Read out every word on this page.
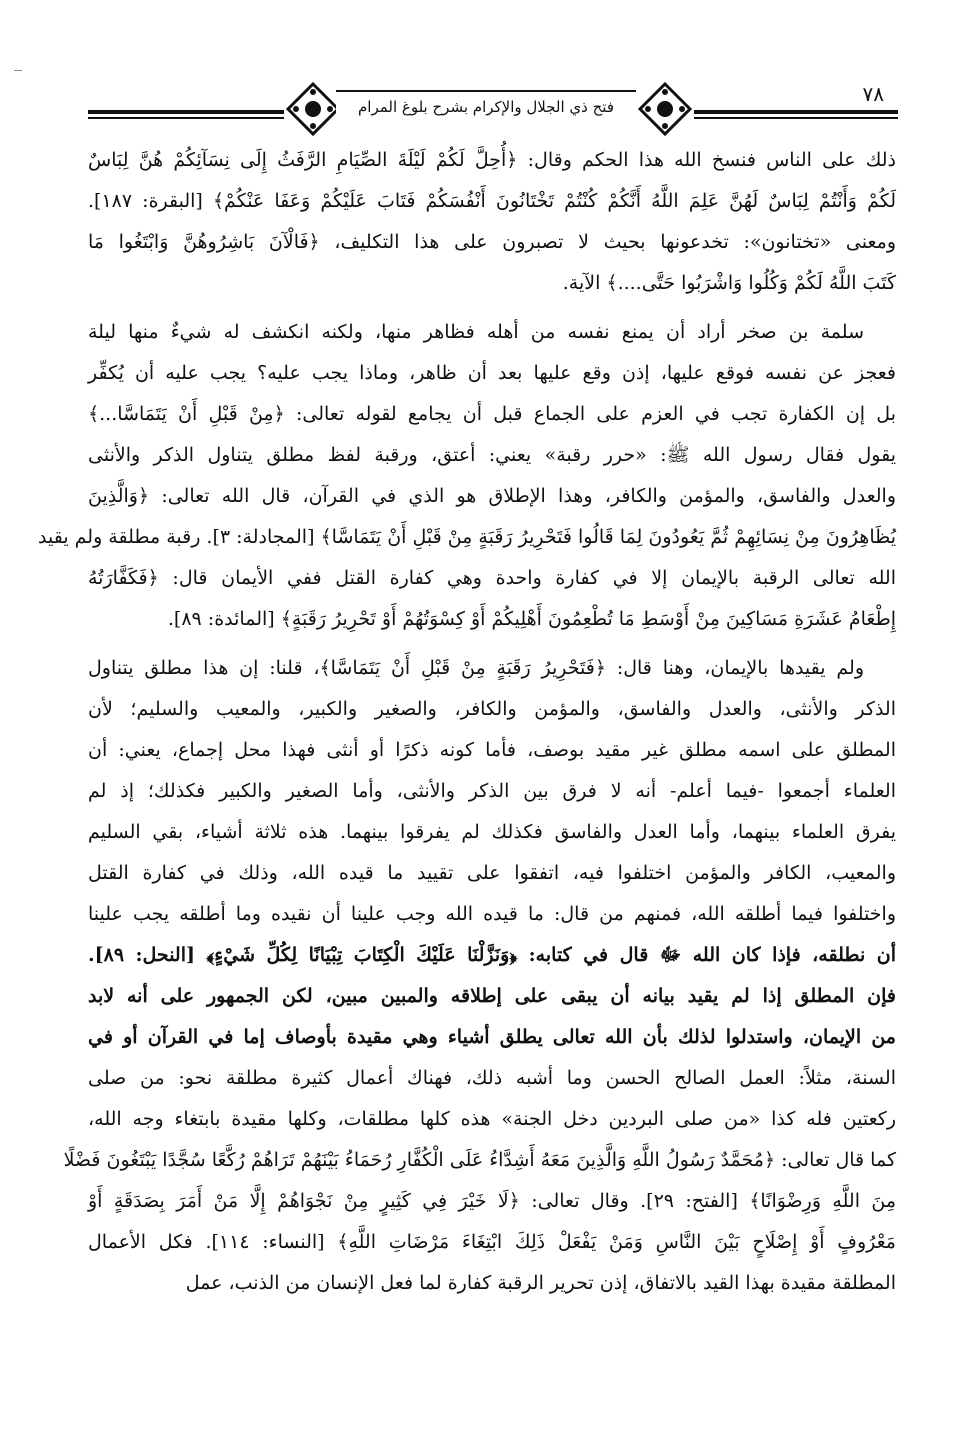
٧٨
فتح ذي الجلال والإكرام بشرح بلوغ المرام
ذلك على الناس فنسخ الله هذا الحكم وقال: ﴿أُحِلَّ لَكُمْ لَيْلَةَ الصِّيَامِ الرَّفَثُ إِلَى نِسَآئِكُمْ هُنَّ لِبَاسٌ
لَكُمْ وَأَنْتُمْ لِبَاسٌ لَهُنَّ عَلِمَ اللَّهُ أَنَّكُمْ كُنْتُمْ تَخْتَانُونَ أَنْفُسَكُمْ فَتَابَ عَلَيْكُمْ وَعَفَا عَنْكُمْ﴾ [البقرة: ١٨٧].
ومعنى «تختانون»: تخدعونها بحيث لا تصبرون على هذا التكليف، ﴿فَالْآنَ بَاشِرُوهُنَّ وَابْتَغُوا مَا
كَتَبَ اللَّهُ لَكُمْ وَكُلُوا وَاشْرَبُوا حَتَّى....﴾ الآية.
سلمة بن صخر أراد أن يمنع نفسه من أهله فظاهر منها، ولكنه انكشف له شيءٌ منها ليلة
فعجز عن نفسه فوقع عليها، إذن وقع عليها بعد أن ظاهر، وماذا يجب عليه؟ يجب عليه أن يُكفِّر
بل إن الكفارة تجب في العزم على الجماع قبل أن يجامع لقوله تعالى: ﴿مِنْ قَبْلِ أَنْ يَتَمَاسَّا...﴾
يقول فقال رسول الله ﷺ: «حرر رقبة» يعني: أعتق، ورقبة لفظ مطلق يتناول الذكر والأنثى
والعدل والفاسق، والمؤمن والكافر، وهذا الإطلاق هو الذي في القرآن، قال الله تعالى: ﴿وَالَّذِينَ
يُظَاهِرُونَ مِنْ نِسَائِهِمْ ثُمَّ يَعُودُونَ لِمَا قَالُوا فَتَحْرِيرُ رَقَبَةٍ مِنْ قَبْلِ أَنْ يَتَمَاسَّا﴾ [المجادلة: ٣]. رقبة مطلقة ولم يقيد
الله تعالى الرقبة بالإيمان إلا في كفارة واحدة وهي كفارة القتل ففي الأيمان قال: ﴿فَكَفَّارَتُهُ
إِطْعَامُ عَشَرَةِ مَسَاكِينَ مِنْ أَوْسَطِ مَا تُطْعِمُونَ أَهْلِيكُمْ أَوْ كِسْوَتُهُمْ أَوْ تَحْرِيرُ رَقَبَةٍ﴾ [المائدة: ٨٩].
ولم يقيدها بالإيمان، وهنا قال: ﴿فَتَحْرِيرُ رَقَبَةٍ مِنْ قَبْلِ أَنْ يَتَمَاسَّا﴾، قلنا: إن هذا مطلق يتناول
الذكر والأنثى، والعدل والفاسق، والمؤمن والكافر، والصغير والكبير، والمعيب والسليم؛ لأن
المطلق على اسمه مطلق غير مقيد بوصف، فأما كونه ذكرًا أو أنثى فهذا محل إجماع، يعني: أن
العلماء أجمعوا -فيما أعلم- أنه لا فرق بين الذكر والأنثى، وأما الصغير والكبير فكذلك؛ إذ لم
يفرق العلماء بينهما، وأما العدل والفاسق فكذلك لم يفرقوا بينهما. هذه ثلاثة أشياء، بقي السليم
والمعيب، الكافر والمؤمن اختلفوا فيه، اتفقوا على تقييد ما قيده الله، وذلك في كفارة القتل
واختلفوا فيما أطلقه الله، فمنهم من قال: ما قيده الله وجب علينا أن نقيده وما أطلقه يجب علينا
أن نطلقه، فإذا كان الله ﷻ قال في كتابه: ﴿وَنَزَّلْنَا عَلَيْكَ الْكِتَابَ تِبْيَانًا لِكُلِّ شَيْءٍ﴾ [النحل: ٨٩].
فإن المطلق إذا لم يقيد بيانه أن يبقى على إطلاقه والمبين مبين، لكن الجمهور على أنه لابد
من الإيمان، واستدلوا لذلك بأن الله تعالى يطلق أشياء وهي مقيدة بأوصاف إما في القرآن أو في
السنة، مثلاً: العمل الصالح الحسن وما أشبه ذلك، فهناك أعمال كثيرة مطلقة نحو: من صلى
ركعتين فله كذا «من صلى البردين دخل الجنة» هذه كلها مطلقات، وكلها مقيدة بابتغاء وجه الله،
كما قال تعالى: ﴿مُحَمَّدٌ رَسُولُ اللَّهِ وَالَّذِينَ مَعَهُ أَشِدَّاءُ عَلَى الْكُفَّارِ رُحَمَاءُ بَيْنَهُمْ تَرَاهُمْ رُكَّعًا سُجَّدًا يَبْتَغُونَ فَضْلًا
مِنَ اللَّهِ وَرِضْوَانًا﴾ [الفتح: ٢٩]. وقال تعالى: ﴿لَا خَيْرَ فِي كَثِيرٍ مِنْ نَجْوَاهُمْ إِلَّا مَنْ أَمَرَ بِصَدَقَةٍ أَوْ
مَعْرُوفٍ أَوْ إِصْلَاحٍ بَيْنَ النَّاسِ وَمَنْ يَفْعَلْ ذَلِكَ ابْتِغَاءَ مَرْضَاتِ اللَّهِ﴾ [النساء: ١١٤]. فكل الأعمال
المطلقة مقيدة بهذا القيد بالاتفاق، إذن تحرير الرقبة كفارة لما فعل الإنسان من الذنب، عمل
